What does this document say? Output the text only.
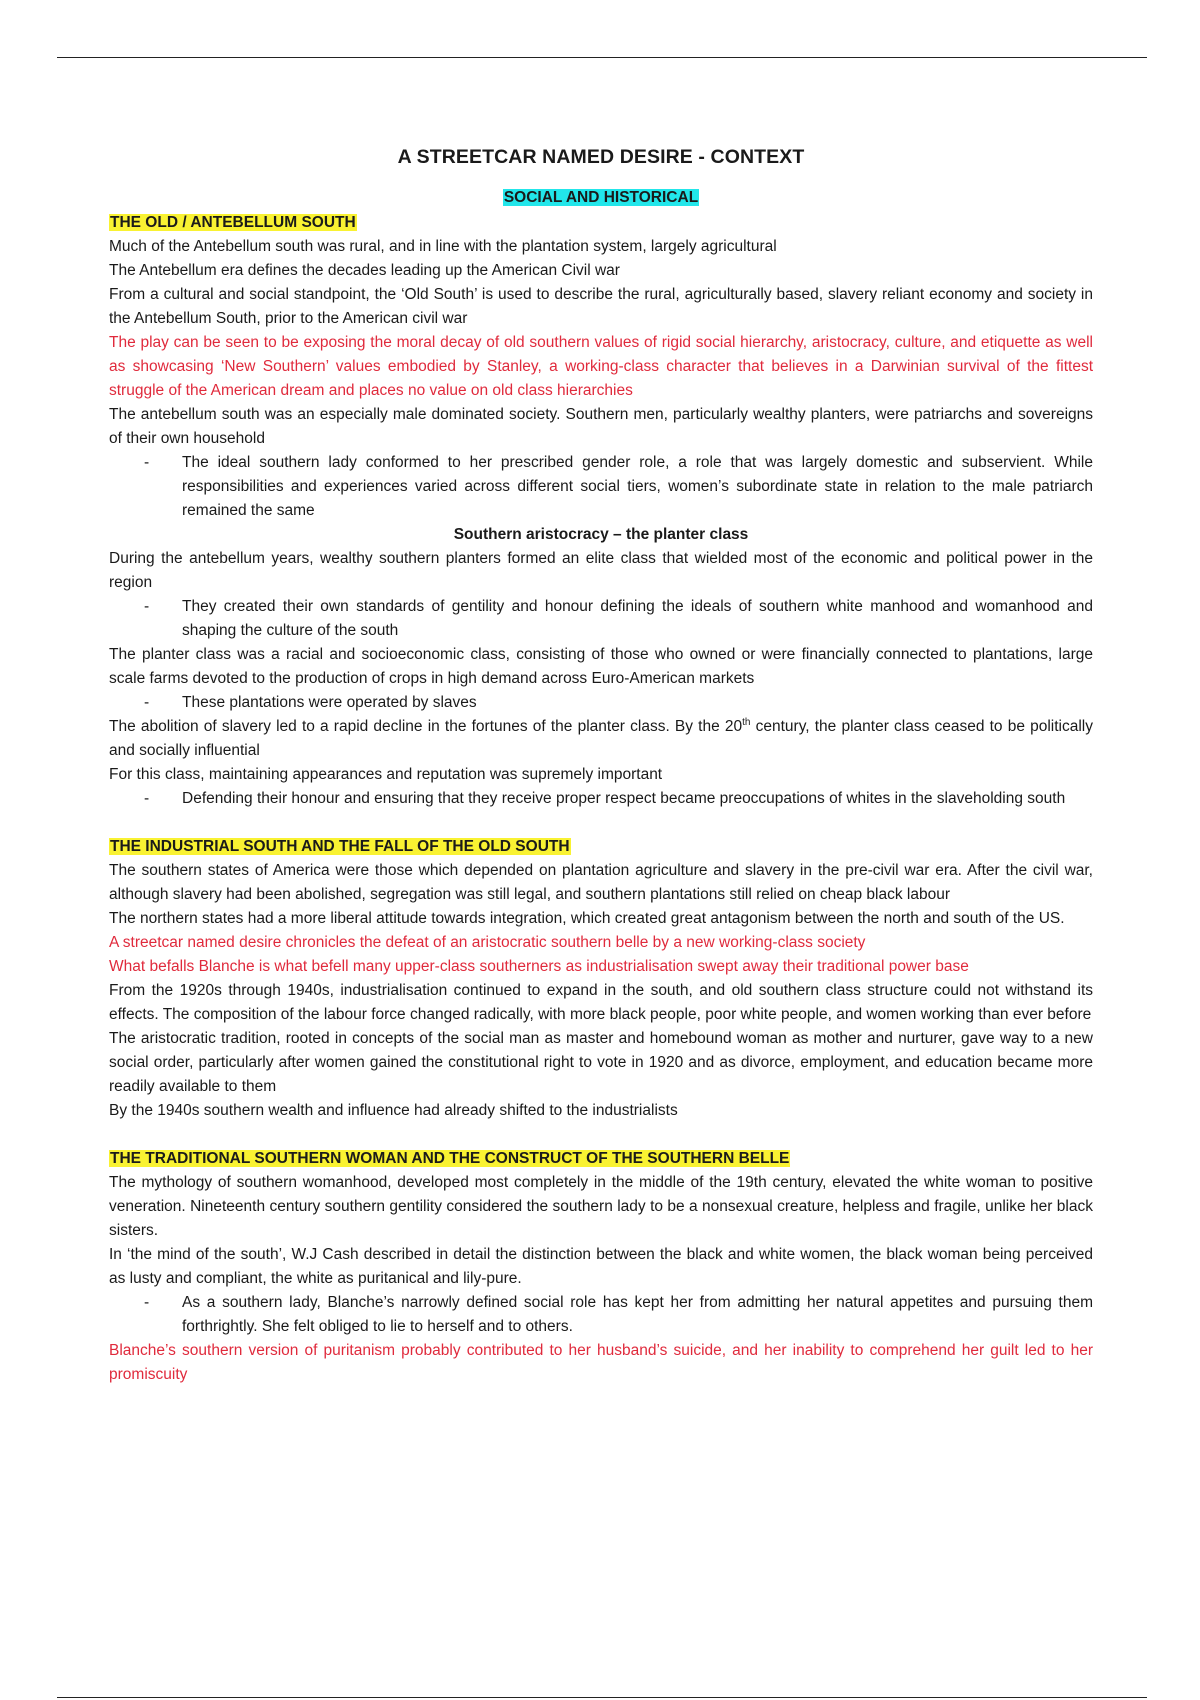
A STREETCAR NAMED DESIRE - CONTEXT
SOCIAL AND HISTORICAL
THE OLD / ANTEBELLUM SOUTH

Much of the Antebellum south was rural, and in line with the plantation system, largely agricultural

The Antebellum era defines the decades leading up the American Civil war

From a cultural and social standpoint, the ‘Old South’ is used to describe the rural, agriculturally based, slavery reliant economy and society in the Antebellum South, prior to the American civil war

The play can be seen to be exposing the moral decay of old southern values of rigid social hierarchy, aristocracy, culture, and etiquette as well as showcasing ‘New Southern’ values embodied by Stanley, a working-class character that believes in a Darwinian survival of the fittest struggle of the American dream and places no value on old class hierarchies

The antebellum south was an especially male dominated society. Southern men, particularly wealthy planters, were patriarchs and sovereigns of their own household

- The ideal southern lady conformed to her prescribed gender role, a role that was largely domestic and subservient. While responsibilities and experiences varied across different social tiers, women’s subordinate state in relation to the male patriarch remained the same

Southern aristocracy – the planter class

During the antebellum years, wealthy southern planters formed an elite class that wielded most of the economic and political power in the region

- They created their own standards of gentility and honour defining the ideals of southern white manhood and womanhood and shaping the culture of the south

The planter class was a racial and socioeconomic class, consisting of those who owned or were financially connected to plantations, large scale farms devoted to the production of crops in high demand across Euro-American markets

- These plantations were operated by slaves

The abolition of slavery led to a rapid decline in the fortunes of the planter class. By the 20th century, the planter class ceased to be politically and socially influential

For this class, maintaining appearances and reputation was supremely important

- Defending their honour and ensuring that they receive proper respect became preoccupations of whites in the slaveholding south

THE INDUSTRIAL SOUTH AND THE FALL OF THE OLD SOUTH

The southern states of America were those which depended on plantation agriculture and slavery in the pre-civil war era. After the civil war, although slavery had been abolished, segregation was still legal, and southern plantations still relied on cheap black labour

The northern states had a more liberal attitude towards integration, which created great antagonism between the north and south of the US.

A streetcar named desire chronicles the defeat of an aristocratic southern belle by a new working-class society

What befalls Blanche is what befell many upper-class southerners as industrialisation swept away their traditional power base

From the 1920s through 1940s, industrialisation continued to expand in the south, and old southern class structure could not withstand its effects. The composition of the labour force changed radically, with more black people, poor white people, and women working than ever before

The aristocratic tradition, rooted in concepts of the social man as master and homebound woman as mother and nurturer, gave way to a new social order, particularly after women gained the constitutional right to vote in 1920 and as divorce, employment, and education became more readily available to them

By the 1940s southern wealth and influence had already shifted to the industrialists

THE TRADITIONAL SOUTHERN WOMAN AND THE CONSTRUCT OF THE SOUTHERN BELLE

The mythology of southern womanhood, developed most completely in the middle of the 19th century, elevated the white woman to positive veneration. Nineteenth century southern gentility considered the southern lady to be a nonsexual creature, helpless and fragile, unlike her black sisters.

In ‘the mind of the south’, W.J Cash described in detail the distinction between the black and white women, the black woman being perceived as lusty and compliant, the white as puritanical and lily-pure.

- As a southern lady, Blanche’s narrowly defined social role has kept her from admitting her natural appetites and pursuing them forthrightly. She felt obliged to lie to herself and to others.

Blanche’s southern version of puritanism probably contributed to her husband’s suicide, and her inability to comprehend her guilt led to her promiscuity
